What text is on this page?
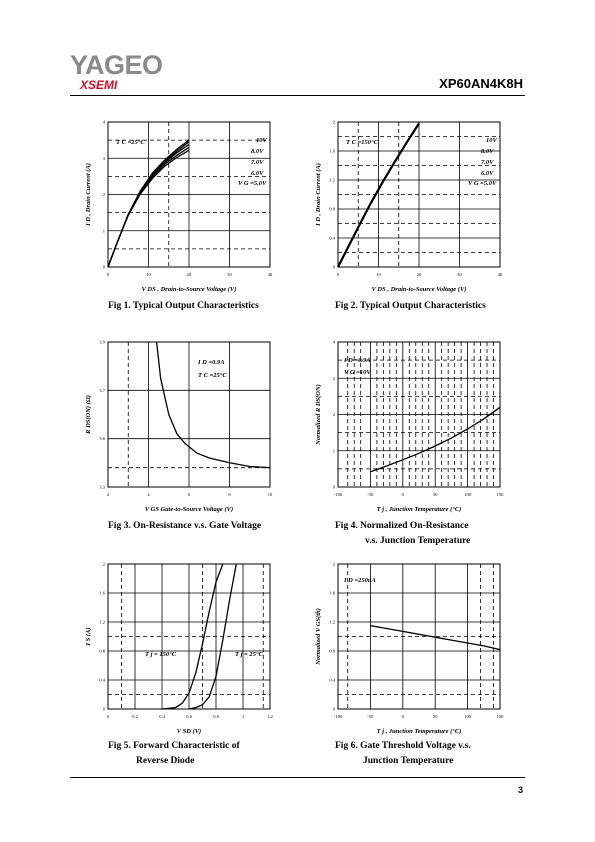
YAGEO
XSEMI	XP60AN4K8H
0	10	20	30	40
0
1
2
3
4
V DS , Drain-to-Source Voltage (V)
I D , Drain Current (A)
T C =25°C	10V
8.0V
7.0V
6.0V
V G =5.0V
Fig 1. Typical Output Characteristics
0	10	20	30	40
0
0.4
0.8
1.2
1.6
2
V DS , Drain-to-Source Voltage (V)
I D , Drain Current (A)
T C =150°C	10V
8.0V
7.0V
6.0V
V G =5.0V
Fig 2. Typical Output Characteristics
2	4	6	8	10
3.3
3.6
3.7
3.9
V GS Gate-to-Source Voltage (V)
R DS(ON) (Ω)
I D =0.9A
T C =25°C
Fig 3. On-Resistance v.s. Gate Voltage
-100	-50	0	50	100	150
0
1
2
3
4
T j , Junction Temperature (°C)
Normalized R DS(ON)
I D =0.9A
V G =10V
Fig 4. Normalized On-Resistance
v.s. Junction Temperature
0	0.2	0.4	0.6	0.8	1	1.2
0
0.4
0.8
1.2
1.6
2
V SD (V)
I S (A)
T j = 150°C	T j = 25°C
Fig 5. Forward Characteristic of
Reverse Diode
-100	-50	0	50	100	150
0
0.4
0.8
1.2
1.6
2
T j , Junction Temperature (°C)
Normalized V GS(th)
I D =250uA
Fig 6. Gate Threshold Voltage v.s.
Junction Temperature
3
